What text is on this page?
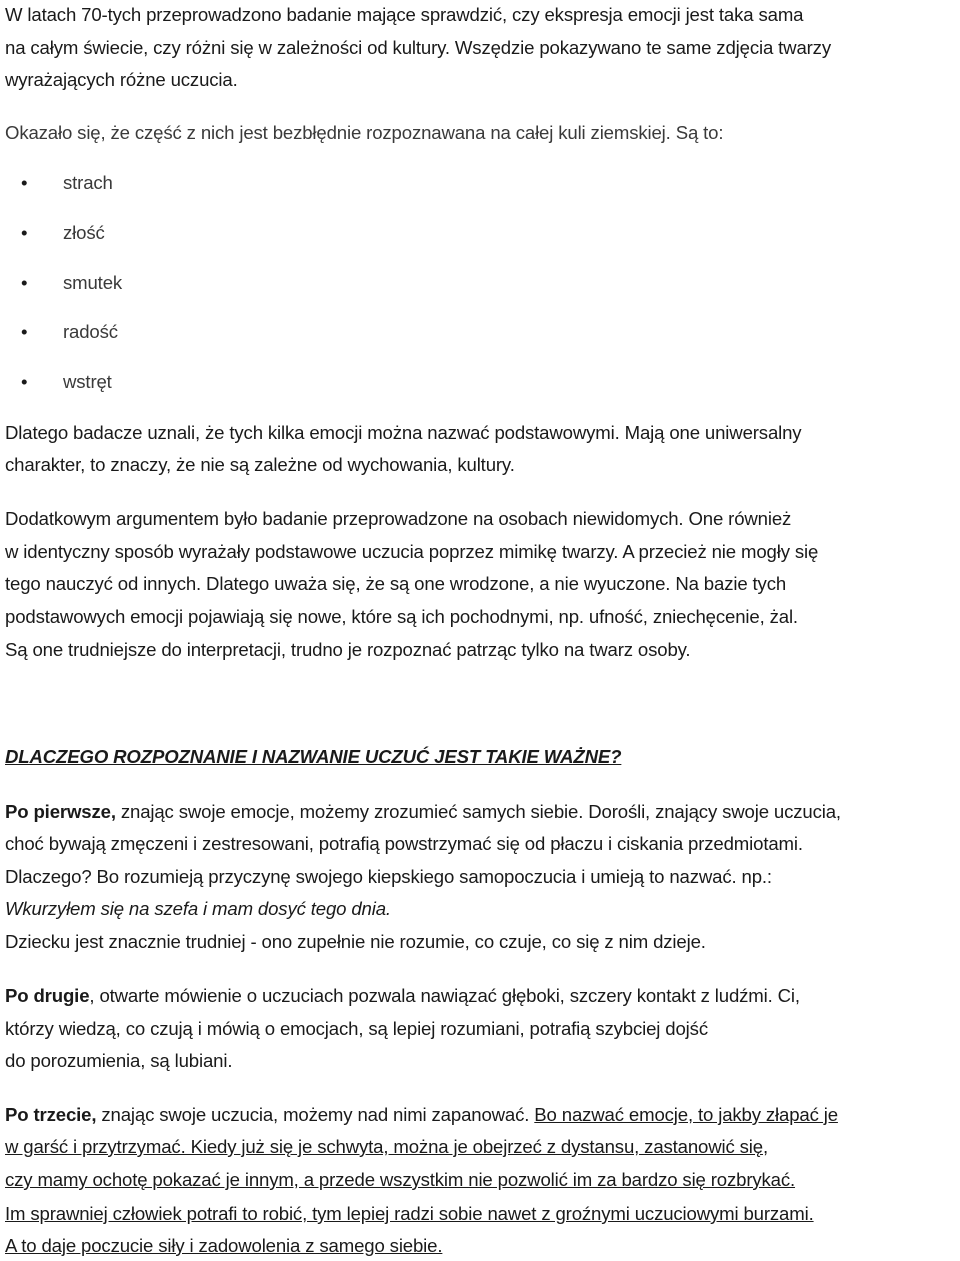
W latach 70-tych przeprowadzono badanie mające sprawdzić, czy ekspresja emocji jest taka sama
na całym świecie, czy różni się w zależności od kultury. Wszędzie pokazywano te same zdjęcia twarzy
wyrażających różne uczucia.
Okazało się, że część z nich jest bezbłędnie rozpoznawana na całej kuli ziemskiej. Są to:
• strach
• złość
• smutek
• radość
• wstręt
Dlatego badacze uznali, że tych kilka emocji można nazwać podstawowymi. Mają one uniwersalny
charakter, to znaczy, że nie są zależne od wychowania, kultury.
Dodatkowym argumentem było badanie przeprowadzone na osobach niewidomych. One również
w identyczny sposób wyrażały podstawowe uczucia poprzez mimikę twarzy. A przecież nie mogły się
tego nauczyć od innych. Dlatego uważa się, że są one wrodzone, a nie wyuczone. Na bazie tych
podstawowych emocji pojawiają się nowe, które są ich pochodnymi, np. ufność, zniechęcenie, żal.
Są one trudniejsze do interpretacji, trudno je rozpoznać patrząc tylko na twarz osoby.
DLACZEGO ROZPOZNANIE I NAZWANIE UCZUĆ JEST TAKIE WAŻNE?
Po pierwsze, znając swoje emocje, możemy zrozumieć samych siebie. Dorośli, znający swoje uczucia,
choć bywają zmęczeni i zestresowani, potrafią powstrzymać się od płaczu i ciskania przedmiotami.
Dlaczego? Bo rozumieją przyczynę swojego kiepskiego samopoczucia i umieją to nazwać. np.:
Wkurzyłem się na szefa i mam dosyć tego dnia.
Dziecku jest znacznie trudniej - ono zupełnie nie rozumie, co czuje, co się z nim dzieje.
Po drugie, otwarte mówienie o uczuciach pozwala nawiązać głęboki, szczery kontakt z ludźmi. Ci,
którzy wiedzą, co czują i mówią o emocjach, są lepiej rozumiani, potrafią szybciej dojść
do porozumienia, są lubiani.
Po trzecie, znając swoje uczucia, możemy nad nimi zapanować. Bo nazwać emocje, to jakby złapać je
w garść i przytrzymać. Kiedy już się je schwyta, można je obejrzeć z dystansu, zastanowić się,
czy mamy ochotę pokazać je innym, a przede wszystkim nie pozwolić im za bardzo się rozbrykać.
Im sprawniej człowiek potrafi to robić, tym lepiej radzi sobie nawet z groźnymi uczuciowymi burzami.
A to daje poczucie siły i zadowolenia z samego siebie.
